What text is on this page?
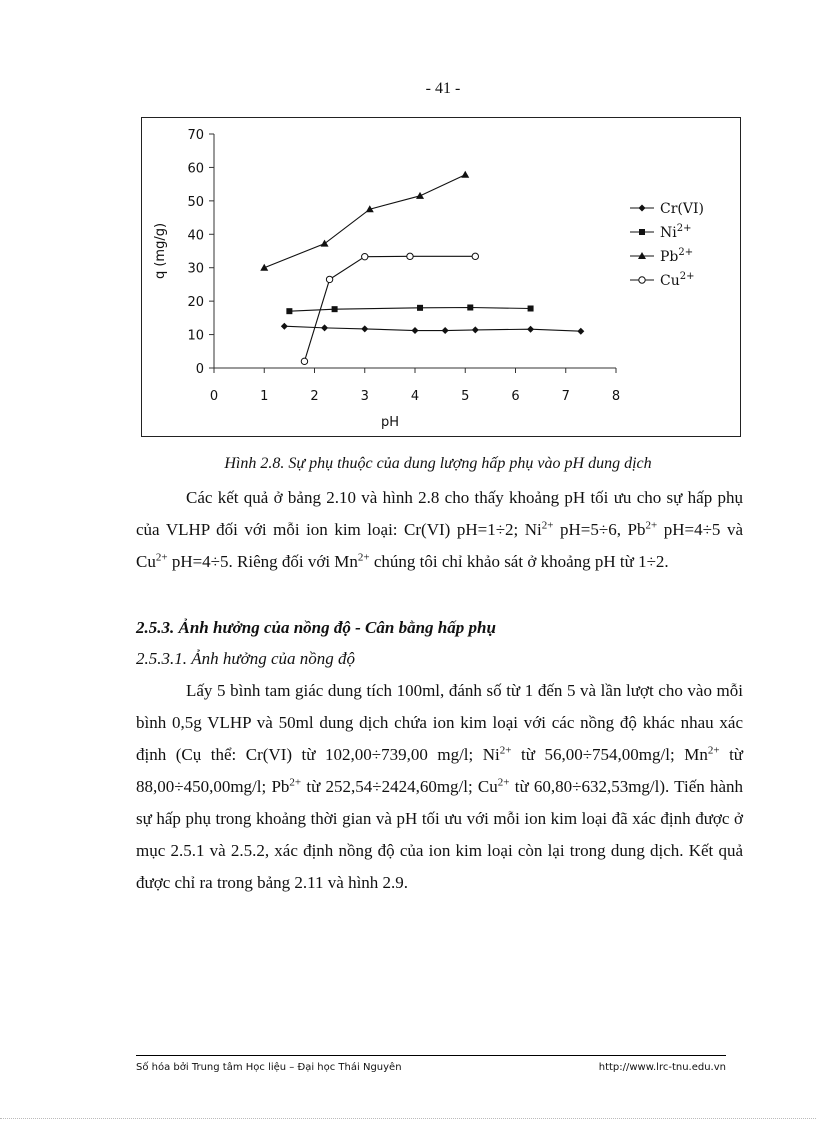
- 41 -
0
10
20
30
40
50
60
70
0	1	2	3	4	5	6	7	8
pH
q (mg/g)
Cr(VI)
$Ni^{2+}$
$Pb^{2+}$
$Cu^{2+}$
Hình 2.8. Sự phụ thuộc của dung lượng hấp phụ vào pH dung dịch
Các kết quả ở bảng 2.10 và hình 2.8 cho thấy khoảng pH tối ưu cho sự hấp phụ của VLHP đối với mỗi ion kim loại: Cr(VI) pH=1÷2; $Ni^{2+}$ pH=5÷6, $Pb^{2+}$ pH=4÷5 và $Cu^{2+}$ pH=4÷5. Riêng đối với $Mn^{2+}$ chúng tôi chỉ khảo sát ở khoảng pH từ 1÷2.
2.5.3. Ảnh hưởng của nồng độ - Cân bằng hấp phụ
2.5.3.1. Ảnh hưởng của nồng độ
Lấy 5 bình tam giác dung tích 100ml, đánh số từ 1 đến 5 và lần lượt cho vào mỗi bình 0,5g VLHP và 50ml dung dịch chứa ion kim loại với các nồng độ khác nhau xác định (Cụ thể: Cr(VI) từ 102,00÷739,00 mg/l; $Ni^{2+}$ từ 56,00÷754,00mg/l; $Mn^{2+}$ từ 88,00÷450,00mg/l; $Pb^{2+}$ từ 252,54÷2424,60mg/l; $Cu^{2+}$ từ 60,80÷632,53mg/l). Tiến hành sự hấp phụ trong khoảng thời gian và pH tối ưu với mỗi ion kim loại đã xác định được ở mục 2.5.1 và 2.5.2, xác định nồng độ của ion kim loại còn lại trong dung dịch. Kết quả được chỉ ra trong bảng 2.11 và hình 2.9.
Số hóa bởi Trung tâm Học liệu – Đại học Thái Nguyên	http://www.lrc-tnu.edu.vn
